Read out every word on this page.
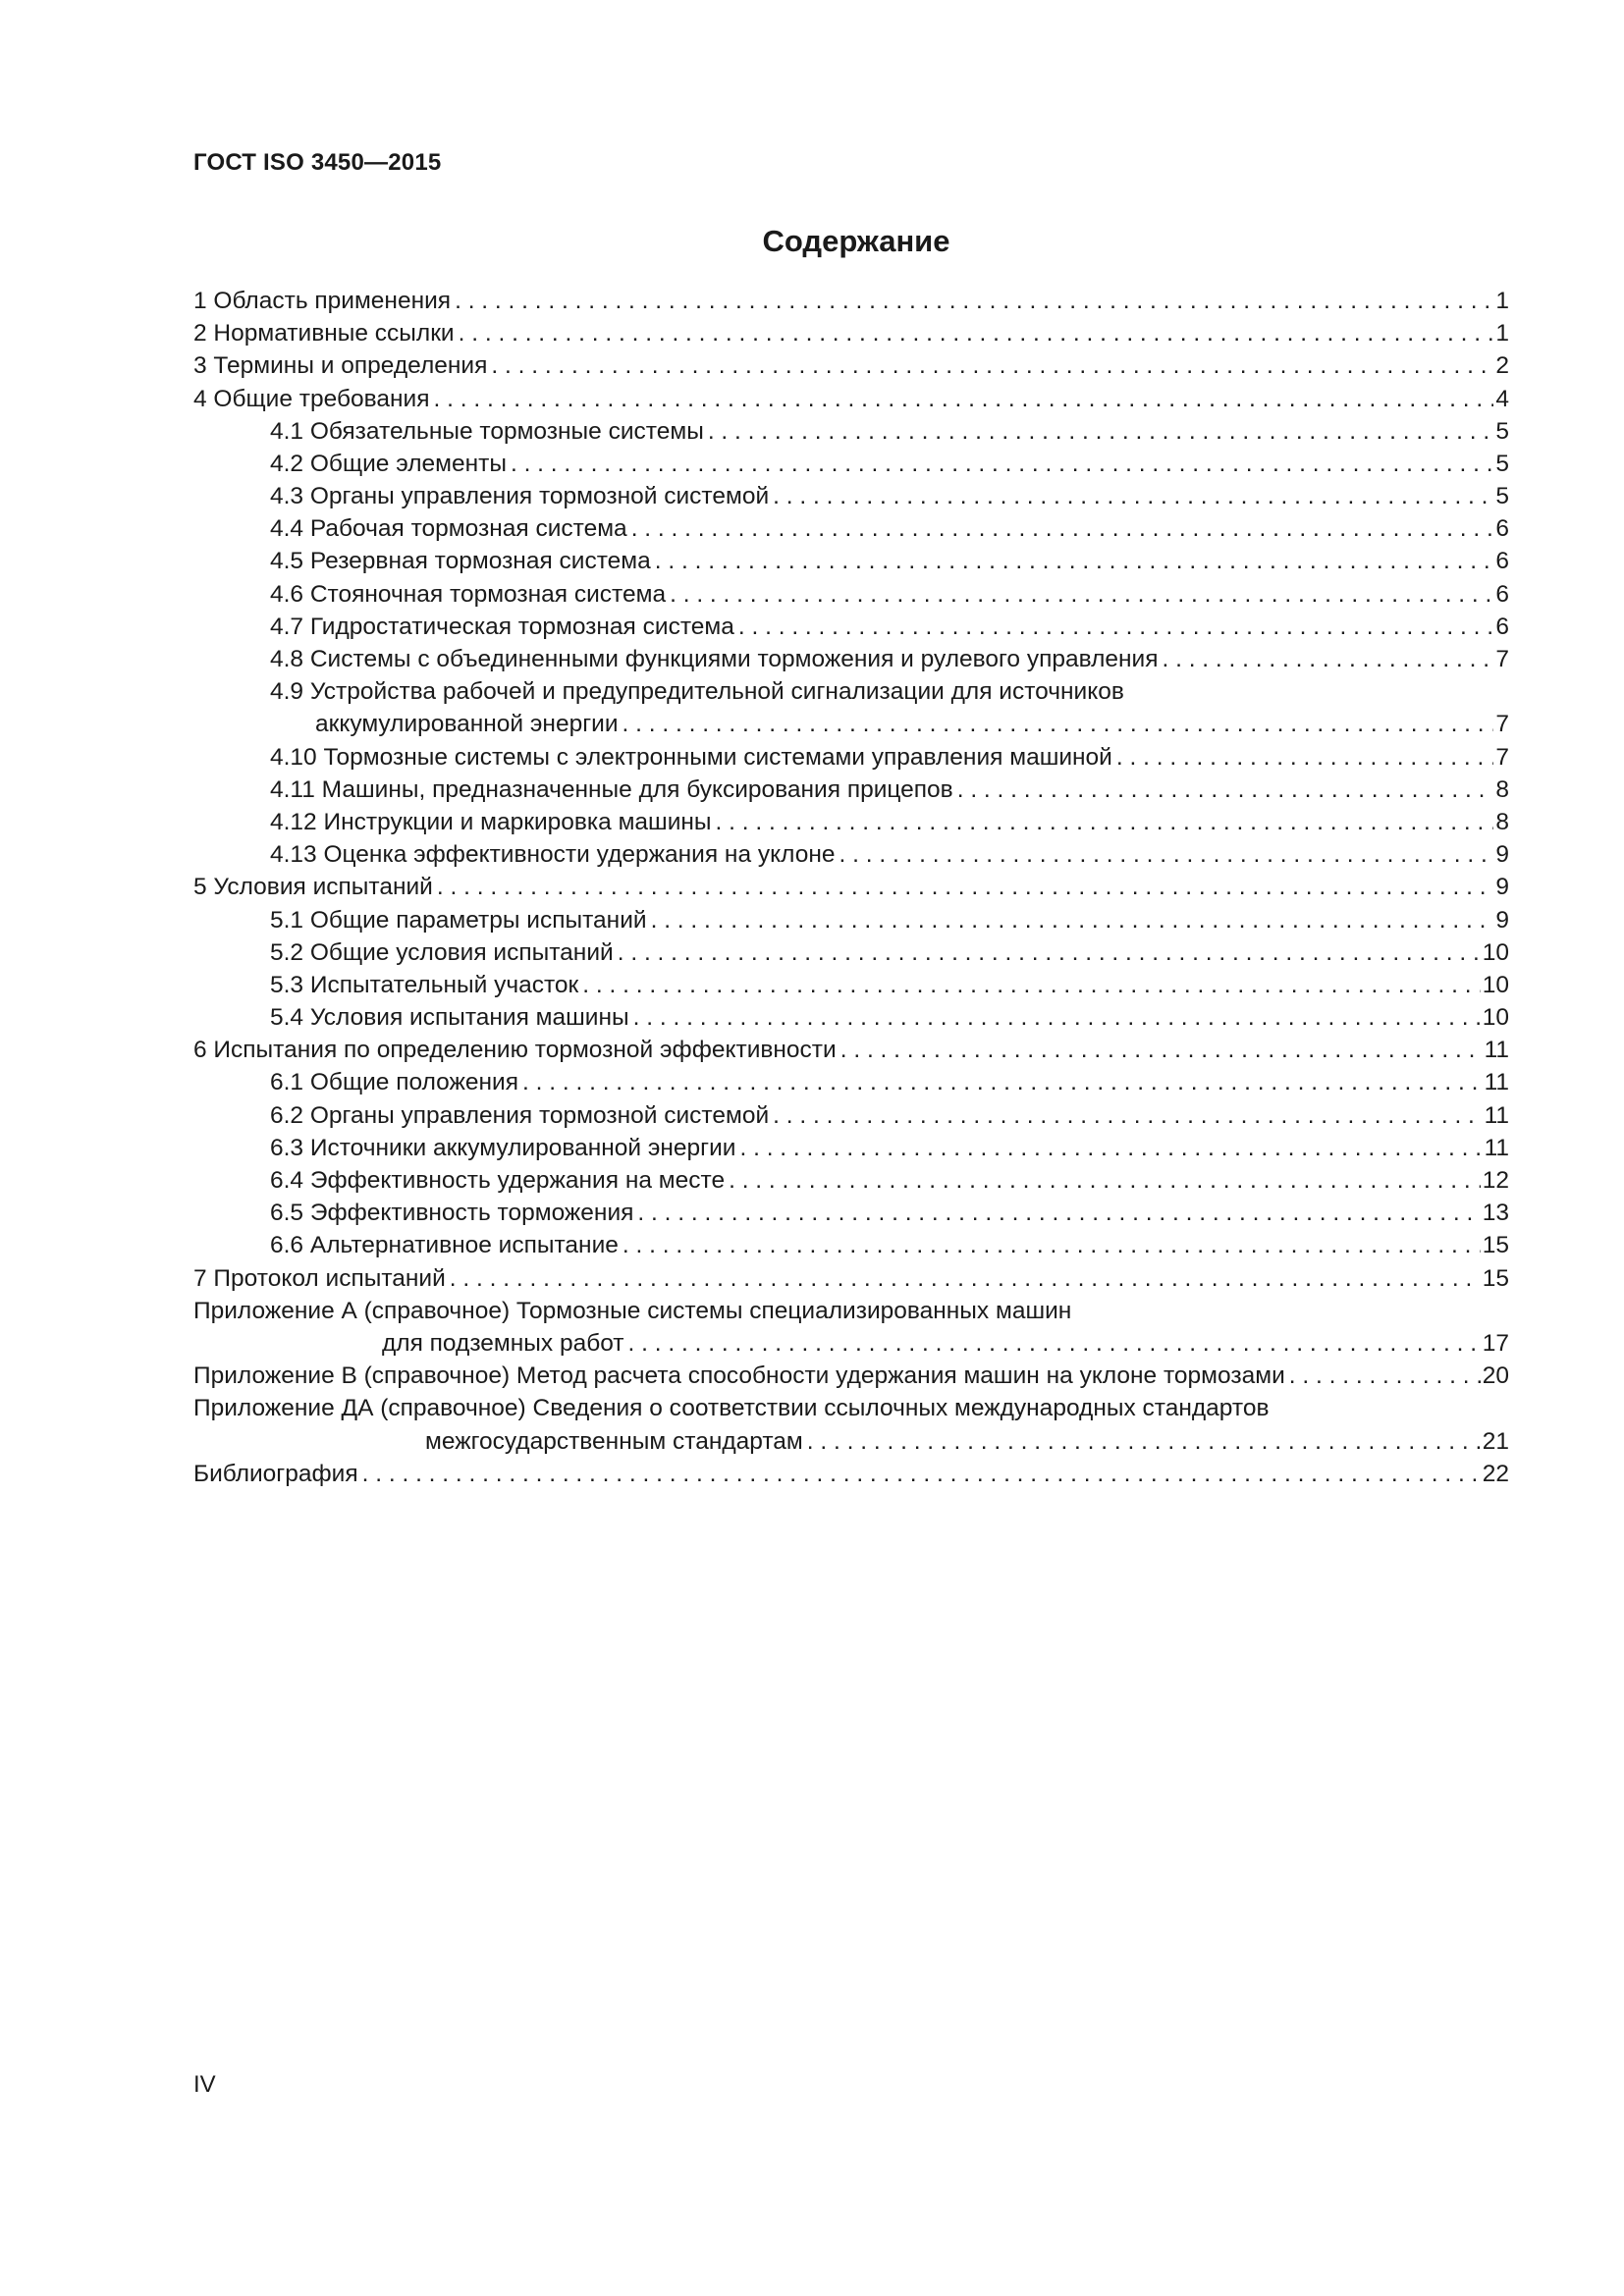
ГОСТ ISO 3450—2015
Содержание
1 Область применения . . .	1
2 Нормативные ссылки . . .	1
3 Термины и определения . . .	2
4 Общие требования . . .	4
4.1 Обязательные тормозные системы . . .	5
4.2 Общие элементы . . .	5
4.3 Органы управления тормозной системой . . .	5
4.4 Рабочая тормозная система . . .	6
4.5 Резервная тормозная система . . .	6
4.6 Стояночная тормозная система . . .	6
4.7 Гидростатическая тормозная система . . .	6
4.8 Системы с объединенными функциями торможения и рулевого управления . . .	7
4.9 Устройства рабочей и предупредительной сигнализации для источников
аккумулированной энергии . . .	7
4.10 Тормозные системы с электронными системами управления машиной . . .	7
4.11 Машины, предназначенные для буксирования прицепов . . .	8
4.12 Инструкции и маркировка машины . . .	8
4.13 Оценка эффективности удержания на уклоне . . .	9
5 Условия испытаний . . .	9
5.1 Общие параметры испытаний . . .	9
5.2 Общие условия испытаний . . .	10
5.3 Испытательный участок . . .	10
5.4 Условия испытания машины . . .	10
6 Испытания по определению тормозной эффективности . . .	11
6.1 Общие положения . . .	11
6.2 Органы управления тормозной системой . . .	11
6.3 Источники аккумулированной энергии . . .	11
6.4 Эффективность удержания на месте . . .	12
6.5 Эффективность торможения . . .	13
6.6 Альтернативное испытание . . .	15
7 Протокол испытаний . . .	15
Приложение А (справочное) Тормозные системы специализированных машин
для подземных работ . . .	17
Приложение В (справочное) Метод расчета способности удержания машин на уклоне тормозами . . .	20
Приложение ДА (справочное) Сведения о соответствии ссылочных международных стандартов
межгосударственным стандартам . . .	21
Библиография . . .	22
IV
